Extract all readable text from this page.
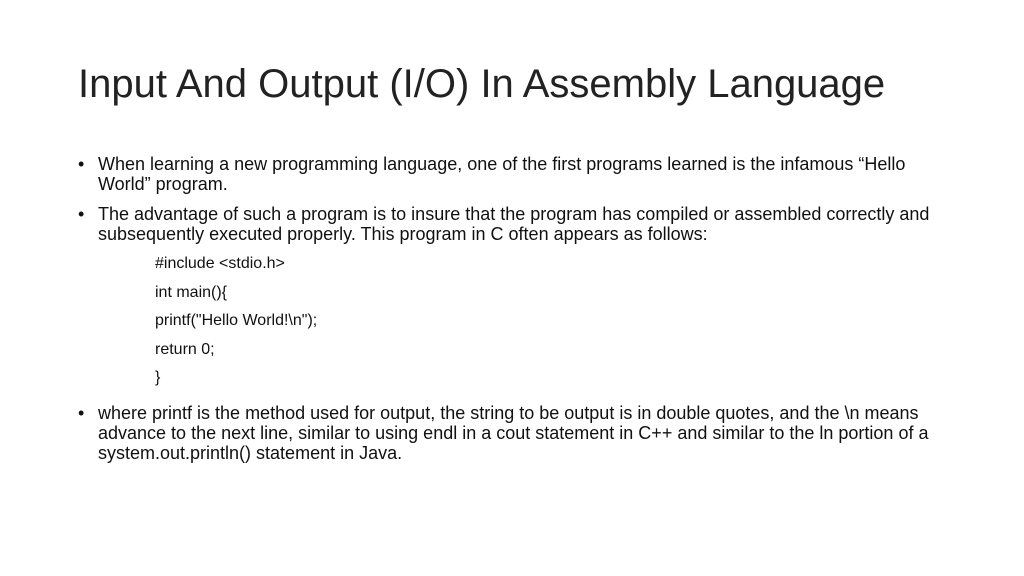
Input And Output (I/O) In Assembly Language
• When learning a new programming language, one of the first programs learned is the infamous “Hello World” program.
• The advantage of such a program is to insure that the program has compiled or assembled correctly and subsequently executed properly. This program in C often appears as follows:
#include <stdio.h>
int main(){
printf("Hello World!\n");
return 0;
}
• where printf is the method used for output, the string to be output is in double quotes, and the \n means advance to the next line, similar to using endl in a cout statement in C++ and similar to the ln portion of a system.out.println() statement in Java.
